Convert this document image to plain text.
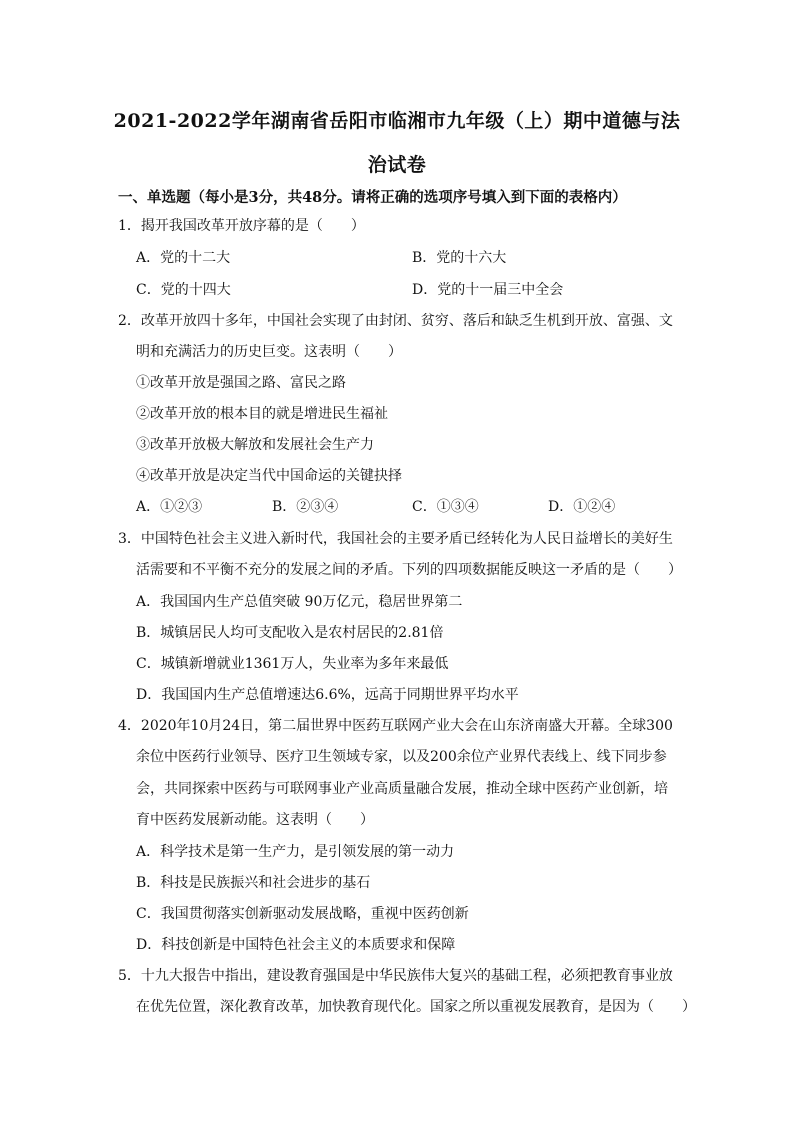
2021-2022学年湖南省岳阳市临湘市九年级（上）期中道德与法
治试卷
一、单选题（每小是3分，共48分。请将正确的选项序号填入到下面的表格内）
1．揭开我国改革开放序幕的是（　　）
A．党的十二大	B．党的十六大
C．党的十四大	D．党的十一届三中全会
2．改革开放四十多年，中国社会实现了由封闭、贫穷、落后和缺乏生机到开放、富强、文
明和充满活力的历史巨变。这表明（　　）
①改革开放是强国之路、富民之路
②改革开放的根本目的就是增进民生福祉
③改革开放极大解放和发展社会生产力
④改革开放是决定当代中国命运的关键抉择
A．①②③	B．②③④	C．①③④	D．①②④
3．中国特色社会主义进入新时代，我国社会的主要矛盾已经转化为人民日益增长的美好生
活需要和不平衡不充分的发展之间的矛盾。下列的四项数据能反映这一矛盾的是（　　）
A．我国国内生产总值突破 90万亿元，稳居世界第二
B．城镇居民人均可支配收入是农村居民的2.81倍
C．城镇新增就业1361万人，失业率为多年来最低
D．我国国内生产总值增速达6.6%，远高于同期世界平均水平
4．2020年10月24日，第二届世界中医药互联网产业大会在山东济南盛大开幕。全球300
余位中医药行业领导、医疗卫生领域专家，以及200余位产业界代表线上、线下同步参
会，共同探索中医药与可联网事业产业高质量融合发展，推动全球中医药产业创新，培
育中医药发展新动能。这表明（　　）
A．科学技术是第一生产力，是引领发展的第一动力
B．科技是民族振兴和社会进步的基石
C．我国贯彻落实创新驱动发展战略，重视中医药创新
D．科技创新是中国特色社会主义的本质要求和保障
5．十九大报告中指出，建设教育强国是中华民族伟大复兴的基础工程，必须把教育事业放
在优先位置，深化教育改革，加快教育现代化。国家之所以重视发展教育，是因为（　　）
